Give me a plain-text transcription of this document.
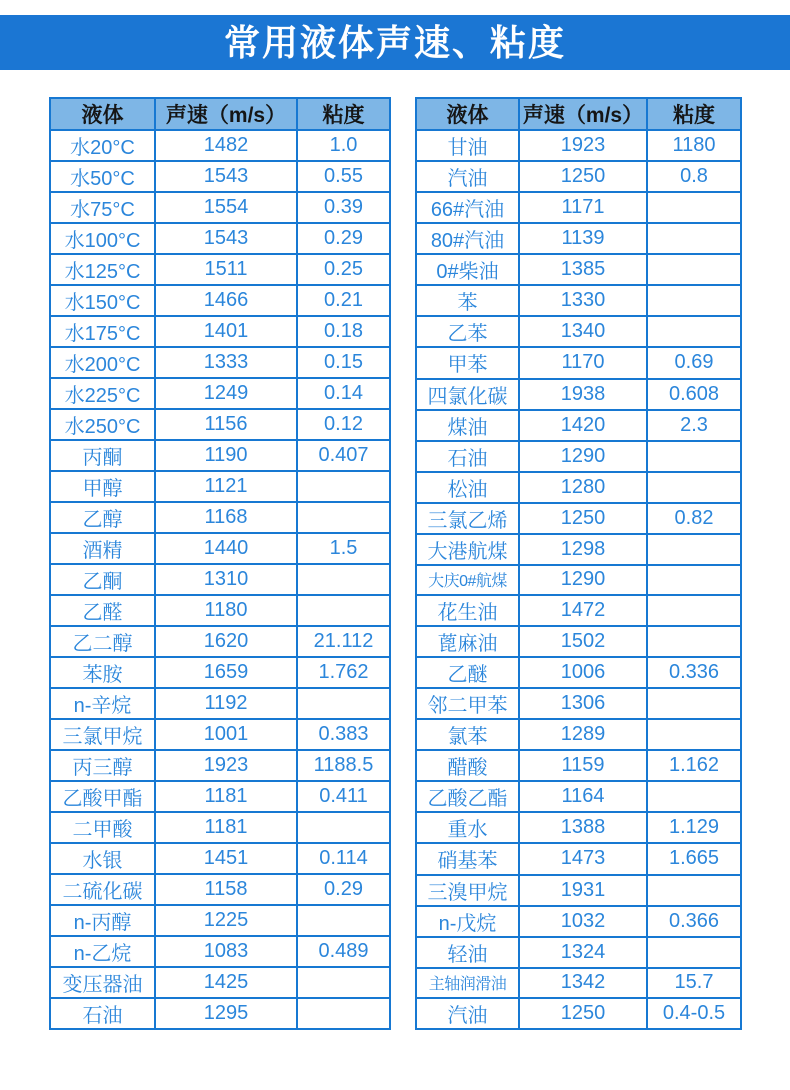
常用液体声速、粘度
液体	声速（m/s）	粘度
水20°C	1482	1.0
水50°C	1543	0.55
水75°C	1554	0.39
水100°C	1543	0.29
水125°C	1511	0.25
水150°C	1466	0.21
水175°C	1401	0.18
水200°C	1333	0.15
水225°C	1249	0.14
水250°C	1156	0.12
丙酮	1190	0.407
甲醇	1121	
乙醇	1168	
酒精	1440	1.5
乙酮	1310	
乙醛	1180	
乙二醇	1620	21.112
苯胺	1659	1.762
n-辛烷	1192	
三氯甲烷	1001	0.383
丙三醇	1923	1188.5
乙酸甲酯	1181	0.411
二甲酸	1181	
水银	1451	0.114
二硫化碳	1158	0.29
n-丙醇	1225	
n-乙烷	1083	0.489
变压器油	1425	
石油	1295	
液体	声速（m/s）	粘度
甘油	1923	1180
汽油	1250	0.8
66#汽油	1171	
80#汽油	1139	
0#柴油	1385	
苯	1330	
乙苯	1340	
甲苯	1170	0.69
四氯化碳	1938	0.608
煤油	1420	2.3
石油	1290	
松油	1280	
三氯乙烯	1250	0.82
大港航煤	1298	
大庆0#航煤	1290	
花生油	1472	
蓖麻油	1502	
乙醚	1006	0.336
邻二甲苯	1306	
氯苯	1289	
醋酸	1159	1.162
乙酸乙酯	1164	
重水	1388	1.129
硝基苯	1473	1.665
三溴甲烷	1931	
n-戊烷	1032	0.366
轻油	1324	
主轴润滑油	1342	15.7
汽油	1250	0.4-0.5
